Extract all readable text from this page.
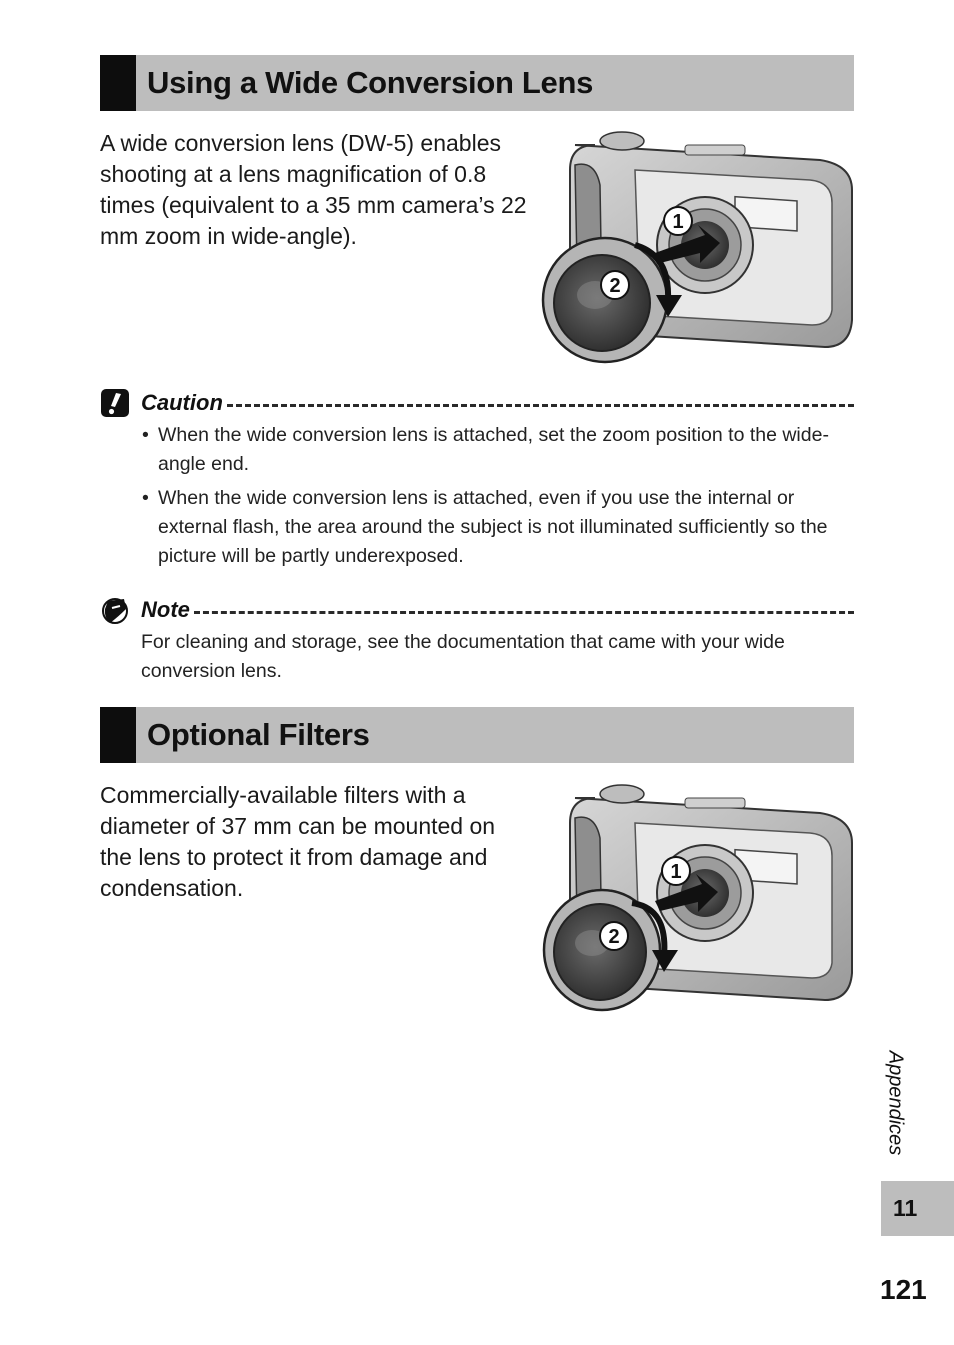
Using a Wide Conversion Lens

A wide conversion lens (DW-5) enables shooting at a lens magnification of 0.8 times (equivalent to a 35 mm camera’s 22 mm zoom in wide-angle).

1
2
Caution
• When the wide conversion lens is attached, set the zoom position to the wide-angle end.
• When the wide conversion lens is attached, even if you use the internal or external flash, the area around the subject is not illuminated sufficiently so the picture will be partly underexposed.
Note

For cleaning and storage, see the documentation that came with your wide conversion lens.

Optional Filters

Commercially-available filters with a diameter of 37 mm can be mounted on the lens to protect it from damage and condensation.

1
2
Appendices
11
121
